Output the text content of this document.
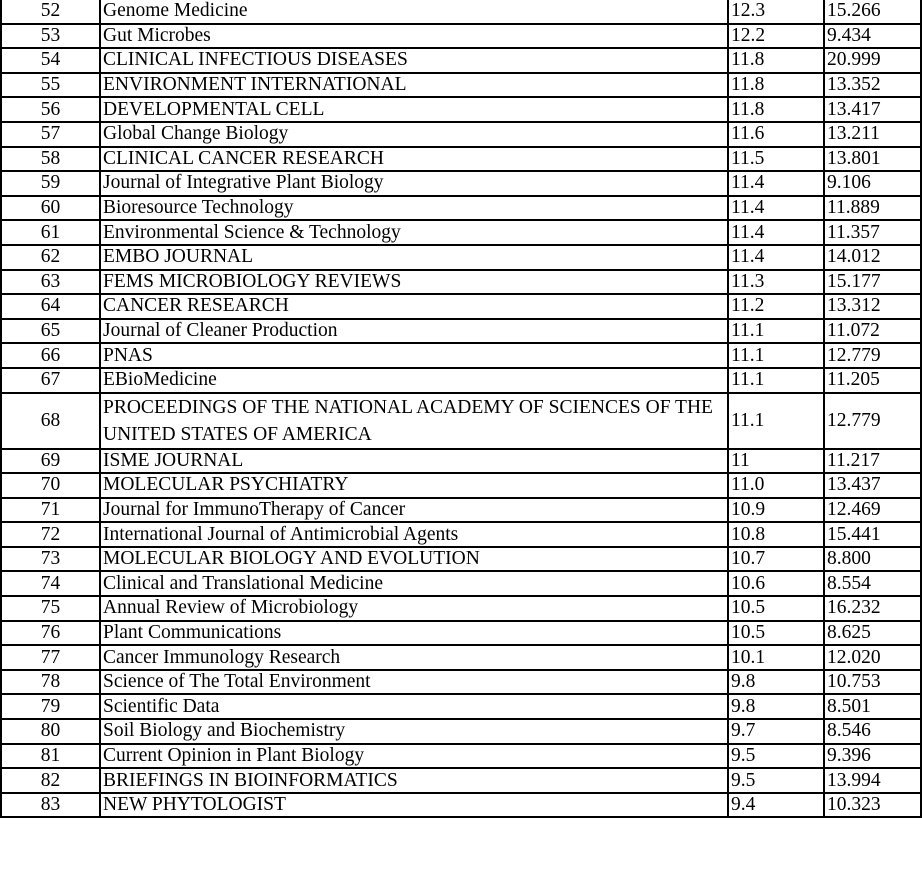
52	Genome Medicine	12.3	15.266
53	Gut Microbes	12.2	9.434
54	CLINICAL INFECTIOUS DISEASES	11.8	20.999
55	ENVIRONMENT INTERNATIONAL	11.8	13.352
56	DEVELOPMENTAL CELL	11.8	13.417
57	Global Change Biology	11.6	13.211
58	CLINICAL CANCER RESEARCH	11.5	13.801
59	Journal of Integrative Plant Biology	11.4	9.106
60	Bioresource Technology	11.4	11.889
61	Environmental Science & Technology	11.4	11.357
62	EMBO JOURNAL	11.4	14.012
63	FEMS MICROBIOLOGY REVIEWS	11.3	15.177
64	CANCER RESEARCH	11.2	13.312
65	Journal of Cleaner Production	11.1	11.072
66	PNAS	11.1	12.779
67	EBioMedicine	11.1	11.205
68	PROCEEDINGS OF THE NATIONAL ACADEMY OF SCIENCES OF THE UNITED STATES OF AMERICA	11.1	12.779
69	ISME JOURNAL	11	11.217
70	MOLECULAR PSYCHIATRY	11.0	13.437
71	Journal for ImmunoTherapy of Cancer	10.9	12.469
72	International Journal of Antimicrobial Agents	10.8	15.441
73	MOLECULAR BIOLOGY AND EVOLUTION	10.7	8.800
74	Clinical and Translational Medicine	10.6	8.554
75	Annual Review of Microbiology	10.5	16.232
76	Plant Communications	10.5	8.625
77	Cancer Immunology Research	10.1	12.020
78	Science of The Total Environment	9.8	10.753
79	Scientific Data	9.8	8.501
80	Soil Biology and Biochemistry	9.7	8.546
81	Current Opinion in Plant Biology	9.5	9.396
82	BRIEFINGS IN BIOINFORMATICS	9.5	13.994
83	NEW PHYTOLOGIST	9.4	10.323
